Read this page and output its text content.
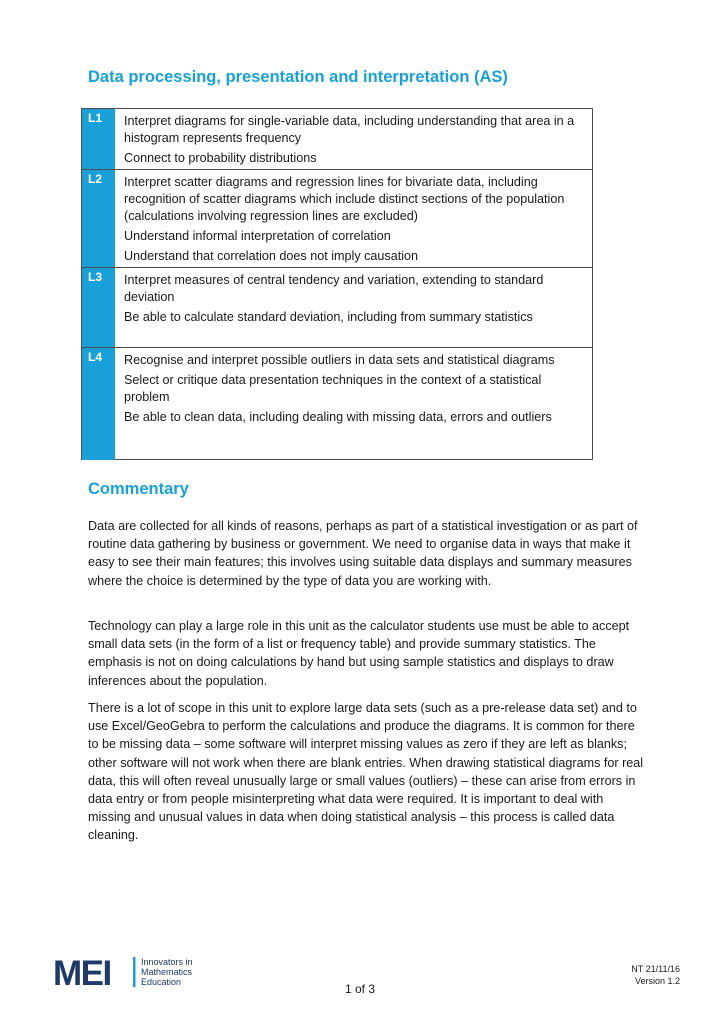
Data processing, presentation and interpretation (AS)
L1	Interpret diagrams for single-variable data, including understanding that area in a histogram represents frequency

Connect to probability distributions

L2	Interpret scatter diagrams and regression lines for bivariate data, including recognition of scatter diagrams which include distinct sections of the population (calculations involving regression lines are excluded)

Understand informal interpretation of correlation

Understand that correlation does not imply causation

L3	Interpret measures of central tendency and variation, extending to standard deviation

Be able to calculate standard deviation, including from summary statistics

L4	Recognise and interpret possible outliers in data sets and statistical diagrams

Select or critique data presentation techniques in the context of a statistical problem

Be able to clean data, including dealing with missing data, errors and outliers

Commentary
Data are collected for all kinds of reasons, perhaps as part of a statistical investigation or as part of routine data gathering by business or government. We need to organise data in ways that make it easy to see their main features; this involves using suitable data displays and summary measures where the choice is determined by the type of data you are working with.
Technology can play a large role in this unit as the calculator students use must be able to accept small data sets (in the form of a list or frequency table) and provide summary statistics. The emphasis is not on doing calculations by hand but using sample statistics and displays to draw inferences about the population.
There is a lot of scope in this unit to explore large data sets (such as a pre-release data set) and to use Excel/GeoGebra to perform the calculations and produce the diagrams. It is common for there to be missing data – some software will interpret missing values as zero if they are left as blanks; other software will not work when there are blank entries. When drawing statistical diagrams for real data, this will often reveal unusually large or small values (outliers) – these can arise from errors in data entry or from people misinterpreting what data were required. It is important to deal with missing and unusual values in data when doing statistical analysis – this process is called data cleaning.
MEI	Innovators in
Mathematics
Education
NT 21/11/16
Version 1.2
1 of 3
